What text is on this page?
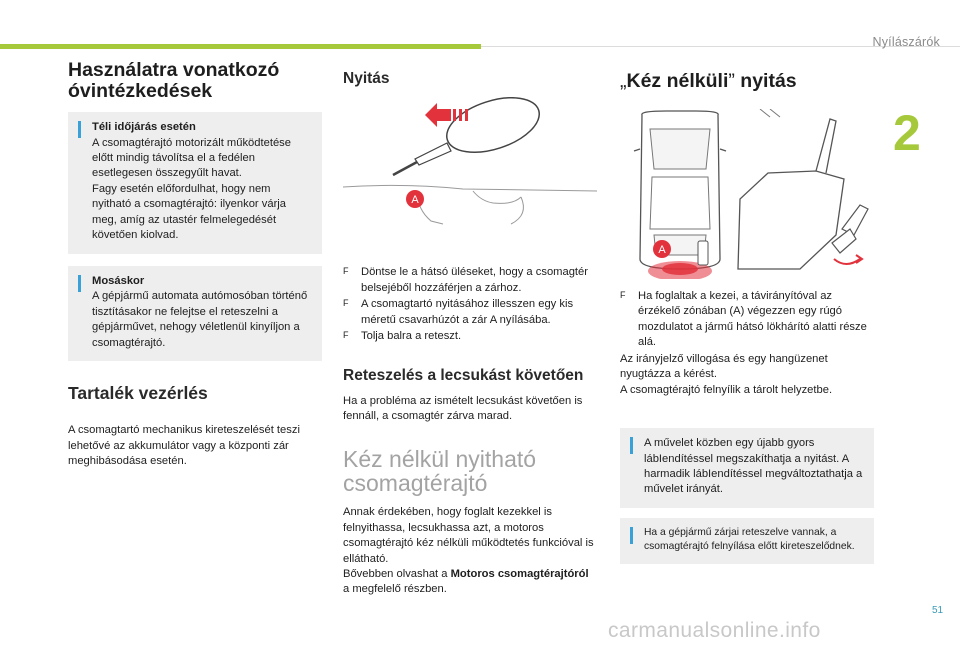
Nyílászárók
2
51
carmanualsonline.info
Használatra vonatkozó óvintézkedések
Téli időjárás esetén

A csomagtérajtó motorizált működtetése előtt mindig távolítsa el a fedélen esetlegesen összegyűlt havat.
Fagy esetén előfordulhat, hogy nem nyitható a csomagtérajtó: ilyenkor várja meg, amíg az utastér felmelegedését követően kiolvad.

Mosáskor

A gépjármű automata autómosóban történő tisztításakor ne felejtse el reteszelni a gépjárművet, nehogy véletlenül kinyíljon a csomagtérajtó.

Tartalék vezérlés

A csomagtartó mechanikus kireteszelését teszi lehetővé az akkumulátor vagy a központi zár meghibásodása esetén.

Nyitás
A
F Döntse le a hátsó üléseket, hogy a csomagtér belsejéből hozzáférjen a zárhoz.
F A csomagtartó nyitásához illesszen egy kis méretű csavarhúzót a zár A nyílásába.
F Tolja balra a reteszt.
Reteszelés a lecsukást követően

Ha a probléma az ismételt lecsukást követően is fennáll, a csomagtér zárva marad.

Kéz nélkül nyitható csomagtérajtó

Annak érdekében, hogy foglalt kezekkel is felnyithassa, lecsukhassa azt, a motoros csomagtérajtó kéz nélküli működtetés funkcióval is ellátható.

Bővebben olvashat a Motoros csomagtérajtóról a megfelelő részben.

„Kéz nélküli” nyitás
A
F Ha foglaltak a kezei, a távirányítóval az érzékelő zónában (A) végezzen egy rúgó mozdulatot a jármű hátsó lökhárító alatti része alá.

Az irányjelző villogása és egy hangüzenet nyugtázza a kérést.

A csomagtérajtó felnyílik a tárolt helyzetbe.

A művelet közben egy újabb gyors lábIendítéssel megszakíthatja a nyitást. A harmadik lábIendítéssel megváltoztathatja a művelet irányát.

Ha a gépjármű zárjai reteszelve vannak, a csomagtérajtó felnyílása előtt kireteszelődnek.
